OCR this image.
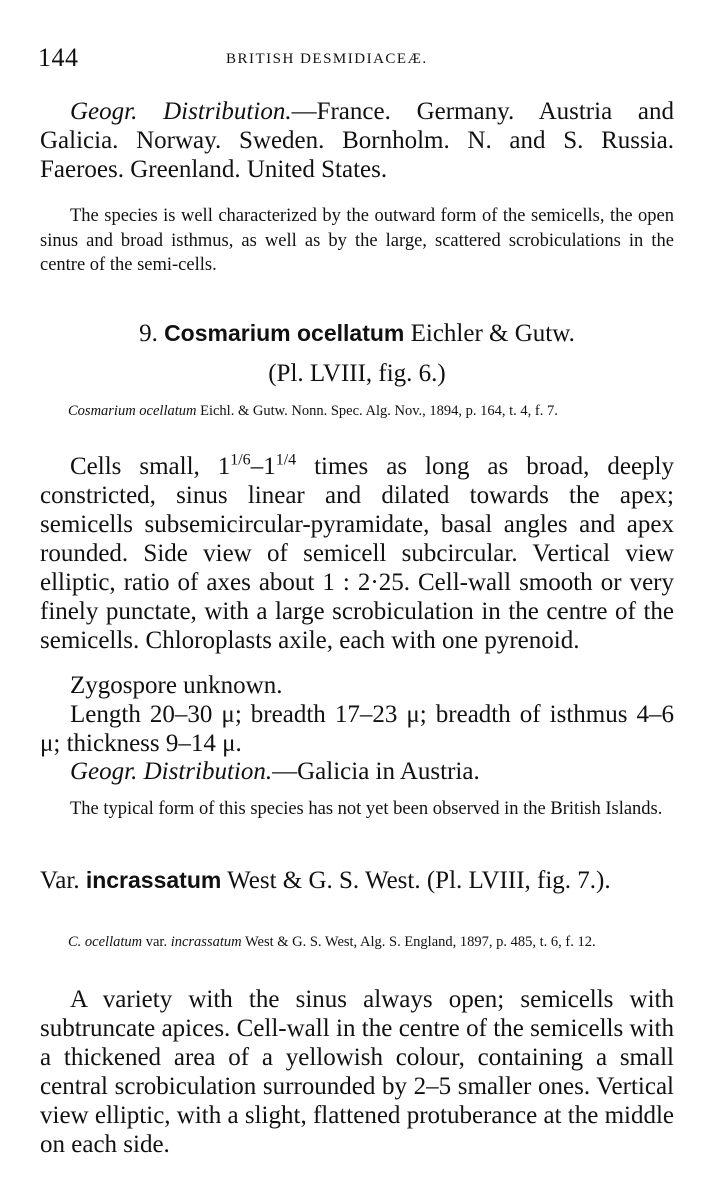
144	BRITISH DESMIDIACEÆ.

Geogr. Distribution.—France. Germany. Austria and Galicia. Norway. Sweden. Bornholm. N. and S. Russia. Faeroes. Greenland. United States.

The species is well characterized by the outward form of the semicells, the open sinus and broad isthmus, as well as by the large, scattered scrobiculations in the centre of the semi-cells.

9. Cosmarium ocellatum Eichler & Gutw.
(Pl. LVIII, fig. 6.)

Cosmarium ocellatum Eichl. & Gutw. Nonn. Spec. Alg. Nov., 1894, p. 164, t. 4, f. 7.

Cells small, $1^{1/6}-1^{1/4}$ times as long as broad, deeply constricted, sinus linear and dilated towards the apex; semicells subsemicircular-pyramidate, basal angles and apex rounded. Side view of semicell subcircular. Vertical view elliptic, ratio of axes about 1 : 2·25. Cell-wall smooth or very finely punctate, with a large scrobiculation in the centre of the semicells. Chloroplasts axile, each with one pyrenoid.

Zygospore unknown.

Length 20–30 μ; breadth 17–23 μ; breadth of isthmus 4–6 μ; thickness 9–14 μ.

Geogr. Distribution.—Galicia in Austria.

The typical form of this species has not yet been observed in the British Islands.

Var. incrassatum West & G. S. West. (Pl. LVIII, fig. 7.).

C. ocellatum var. incrassatum West & G. S. West, Alg. S. England, 1897, p. 485, t. 6, f. 12.

A variety with the sinus always open; semicells with subtruncate apices. Cell-wall in the centre of the semicells with a thickened area of a yellowish colour, containing a small central scrobiculation surrounded by 2–5 smaller ones. Vertical view elliptic, with a slight, flattened protuberance at the middle on each side.
